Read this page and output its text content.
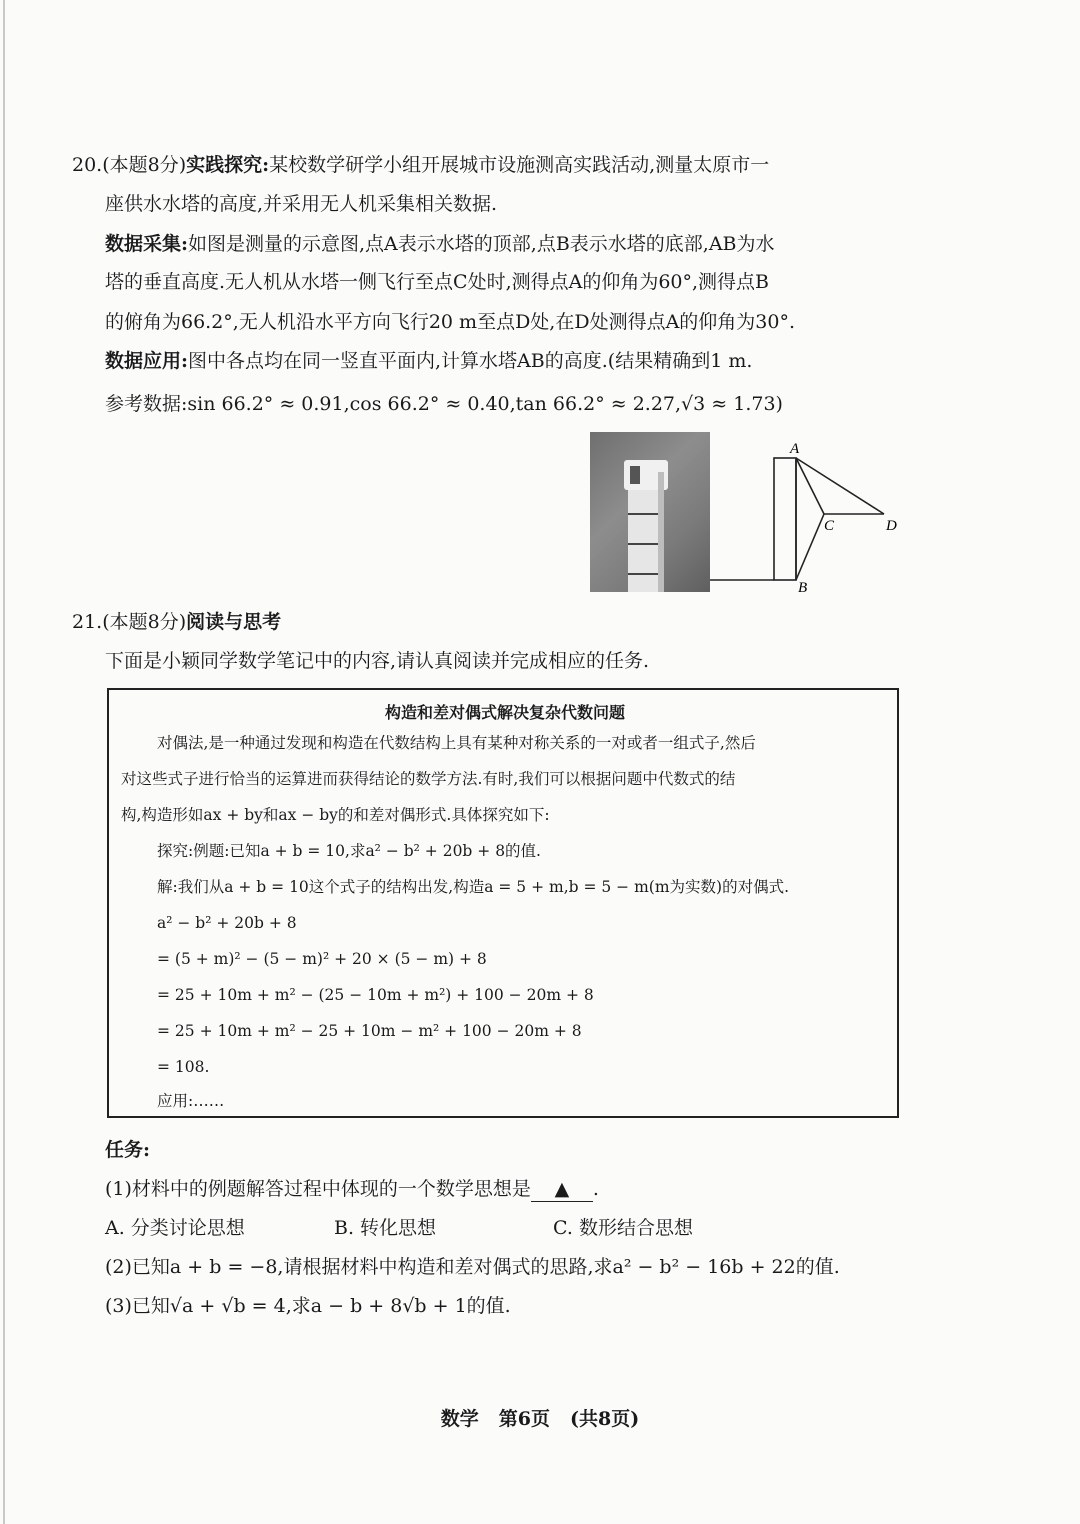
20.(本题8分)实践探究:某校数学研学小组开展城市设施测高实践活动,测量太原市一
座供水水塔的高度,并采用无人机采集相关数据.
数据采集:如图是测量的示意图,点A表示水塔的顶部,点B表示水塔的底部,AB为水
塔的垂直高度.无人机从水塔一侧飞行至点C处时,测得点A的仰角为60°,测得点B
的俯角为66.2°,无人机沿水平方向飞行20 m至点D处,在D处测得点A的仰角为30°.
数据应用:图中各点均在同一竖直平面内,计算水塔AB的高度.(结果精确到1 m.
参考数据:sin 66.2° ≈ 0.91,cos 66.2° ≈ 0.40,tan 66.2° ≈ 2.27,√3 ≈ 1.73)
A
B
C	D
21.(本题8分)阅读与思考
下面是小颖同学数学笔记中的内容,请认真阅读并完成相应的任务.
构造和差对偶式解决复杂代数问题
对偶法,是一种通过发现和构造在代数结构上具有某种对称关系的一对或者一组式子,然后
对这些式子进行恰当的运算进而获得结论的数学方法.有时,我们可以根据问题中代数式的结
构,构造形如ax + by和ax − by的和差对偶形式.具体探究如下:
探究:例题:已知a + b = 10,求a² − b² + 20b + 8的值.
解:我们从a + b = 10这个式子的结构出发,构造a = 5 + m,b = 5 − m(m为实数)的对偶式.
a² − b² + 20b + 8
= (5 + m)² − (5 − m)² + 20 × (5 − m) + 8
= 25 + 10m + m² − (25 − 10m + m²) + 100 − 20m + 8
= 25 + 10m + m² − 25 + 10m − m² + 100 − 20m + 8
= 108.
应用:……
任务:
(1)材料中的例题解答过程中体现的一个数学思想是 ▲ .
A. 分类讨论思想	B. 转化思想	C. 数形结合思想
(2)已知a + b = −8,请根据材料中构造和差对偶式的思路,求a² − b² − 16b + 22的值.
(3)已知√a + √b = 4,求a − b + 8√b + 1的值.
数学 第6页 (共8页)
